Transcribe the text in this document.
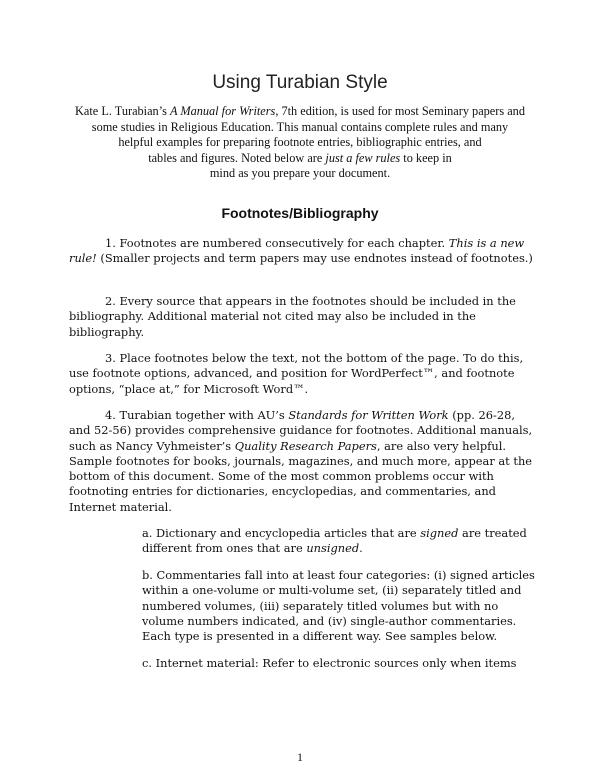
Using Turabian Style
Kate L. Turabian’s A Manual for Writers, 7th edition, is used for most Seminary papers and
some studies in Religious Education. This manual contains complete rules and many
helpful examples for preparing footnote entries, bibliographic entries, and
tables and figures. Noted below are just a few rules to keep in
mind as you prepare your document.
Footnotes/Bibliography

1. Footnotes are numbered consecutively for each chapter. This is a new rule! (Smaller projects and term papers may use endnotes instead of footnotes.)

2. Every source that appears in the footnotes should be included in the bibliography. Additional material not cited may also be included in the bibliography.

3. Place footnotes below the text, not the bottom of the page. To do this, use footnote options, advanced, and position for WordPerfect™, and footnote options, “place at,” for Microsoft Word™.

4. Turabian together with AU’s Standards for Written Work (pp. 26-28, and 52-56) provides comprehensive guidance for footnotes. Additional manuals, such as Nancy Vyhmeister’s Quality Research Papers, are also very helpful. Sample footnotes for books, journals, magazines, and much more, appear at the bottom of this document. Some of the most common problems occur with footnoting entries for dictionaries, encyclopedias, and commentaries, and Internet material.

a. Dictionary and encyclopedia articles that are signed are treated different from ones that are unsigned.

b. Commentaries fall into at least four categories: (i) signed articles within a one-volume or multi-volume set, (ii) separately titled and numbered volumes, (iii) separately titled volumes but with no volume numbers indicated, and (iv) single-author commentaries. Each type is presented in a different way. See samples below.

c. Internet material: Refer to electronic sources only when items

1
